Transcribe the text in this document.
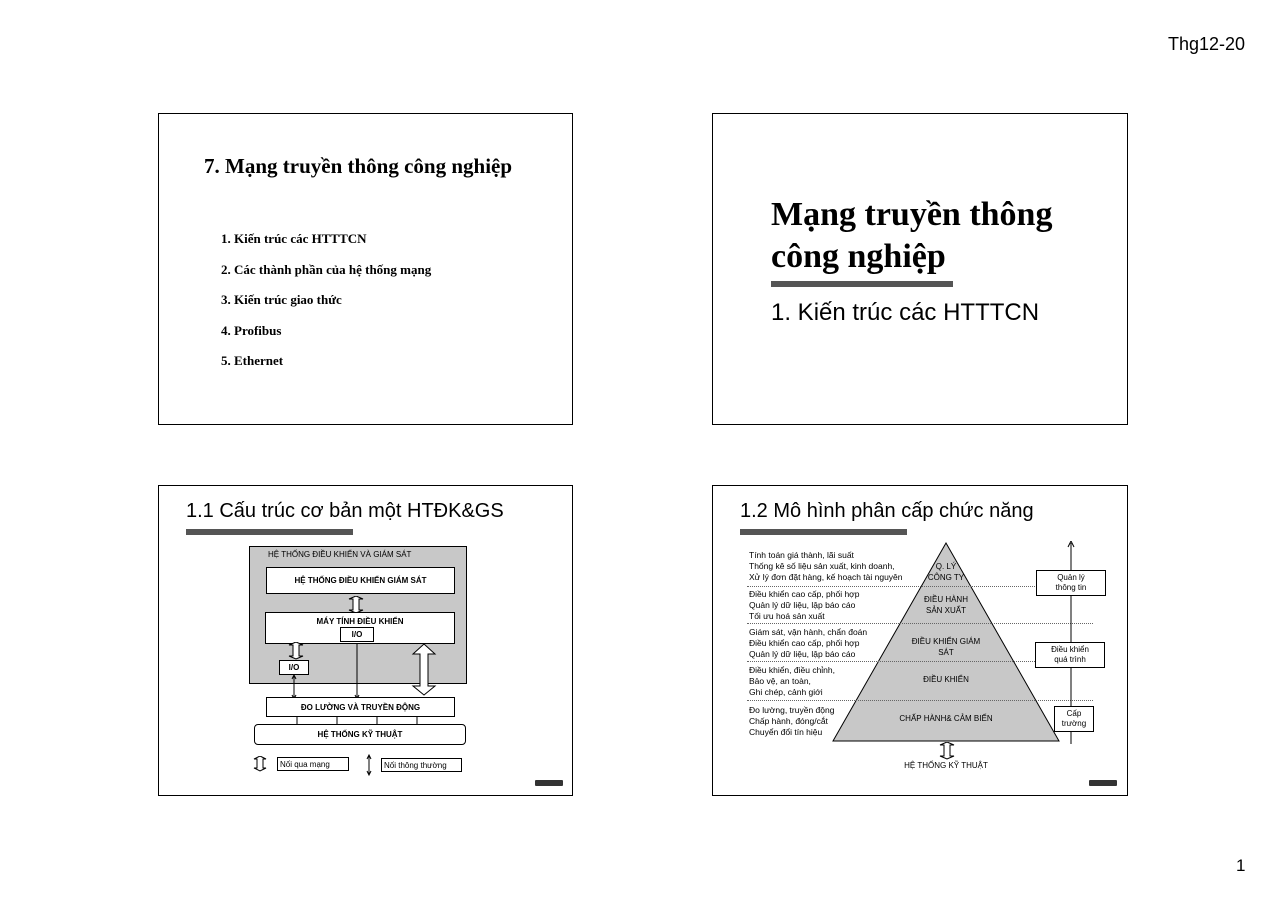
Thg12-20
1
7. Mạng truyền thông công nghiệp
1. Kiến trúc các HTTTCN
2. Các thành phần của hệ thống mạng
3. Kiến trúc giao thức
4. Profibus
5. Ethernet
Mạng truyền thông
công nghiệp
1. Kiến trúc các HTTTCN
1.1 Cấu trúc cơ bản một HTĐK&GS
HỆ THỐNG ĐIỀU KHIỂN VÀ GIÁM SÁT
HỆ THỐNG ĐIỀU KHIỂN GIÁM SÁT
MÁY TÍNH ĐIỀU KHIỂN
I/O
I/O
ĐO LƯỜNG VÀ TRUYỀN ĐỘNG
HỆ THỐNG KỸ THUẬT
Nối qua mạng	Nối thông thường
1.2 Mô hình phân cấp chức năng
Tính toán giá thành, lãi suất
Thống kê số liệu sản xuất, kinh doanh,
Xử lý đơn đặt hàng, kế hoạch tài nguyên
Điều khiển cao cấp, phối hợp
Quản lý dữ liệu, lập báo cáo
Tối ưu hoá sản xuất
Giám sát, vận hành, chẩn đoán
Điều khiển cao cấp, phối hợp
Quản lý dữ liệu, lập báo cáo
Điều khiển, điều chỉnh,
Bảo vệ, an toàn,
Ghi chép, cảnh giới
Đo lường, truyền động
Chấp hành, đóng/cắt
Chuyển đổi tín hiệu
Q. LÝ
CÔNG TY
ĐIỀU HÀNH
SẢN XUẤT
ĐIỀU KHIỂN GIÁM
SÁT
ĐIỀU KHIỂN
CHẤP HÀNH& CẢM BIẾN
HỆ THỐNG KỸ THUẬT
Quản lý
thông tin
Điều khiển
quá trình
Cấp
trường
